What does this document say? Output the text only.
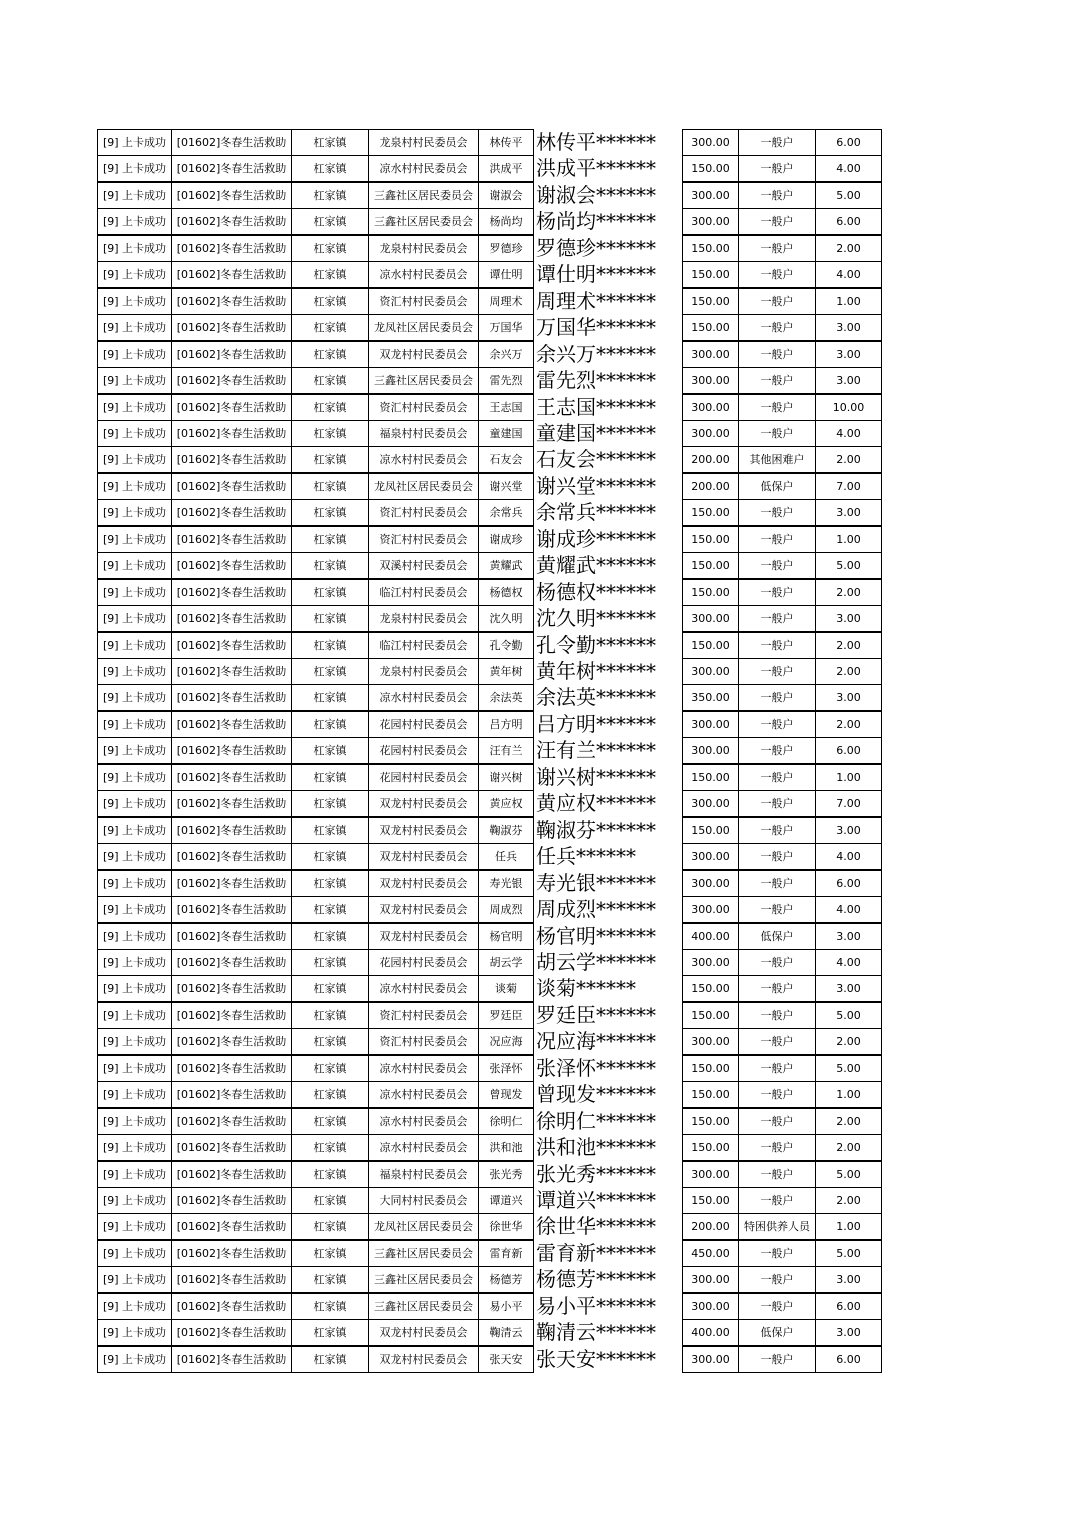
[9] 上卡成功 [01602]冬春生活救助	杠家镇	龙泉村村民委员会	林传平 林传平******	300.00	一般户	6.00
[9] 上卡成功 [01602]冬春生活救助	杠家镇	凉水村村民委员会	洪成平 洪成平******	150.00	一般户	4.00
[9] 上卡成功 [01602]冬春生活救助	杠家镇	三鑫社区居民委员会	谢淑会 谢淑会******	300.00	一般户	5.00
[9] 上卡成功 [01602]冬春生活救助	杠家镇	三鑫社区居民委员会	杨尚均 杨尚均******	300.00	一般户	6.00
[9] 上卡成功 [01602]冬春生活救助	杠家镇	龙泉村村民委员会	罗德珍 罗德珍******	150.00	一般户	2.00
[9] 上卡成功 [01602]冬春生活救助	杠家镇	凉水村村民委员会	谭仕明 谭仕明******	150.00	一般户	4.00
[9] 上卡成功 [01602]冬春生活救助	杠家镇	资汇村村民委员会	周理术 周理术******	150.00	一般户	1.00
[9] 上卡成功 [01602]冬春生活救助	杠家镇	龙凤社区居民委员会	万国华 万国华******	150.00	一般户	3.00
[9] 上卡成功 [01602]冬春生活救助	杠家镇	双龙村村民委员会	余兴万 余兴万******	300.00	一般户	3.00
[9] 上卡成功 [01602]冬春生活救助	杠家镇	三鑫社区居民委员会	雷先烈 雷先烈******	300.00	一般户	3.00
[9] 上卡成功 [01602]冬春生活救助	杠家镇	资汇村村民委员会	王志国 王志国******	300.00	一般户	10.00
[9] 上卡成功 [01602]冬春生活救助	杠家镇	福泉村村民委员会	童建国 童建国******	300.00	一般户	4.00
[9] 上卡成功 [01602]冬春生活救助	杠家镇	凉水村村民委员会	石友会 石友会******	200.00	其他困难户	2.00
[9] 上卡成功 [01602]冬春生活救助	杠家镇	龙凤社区居民委员会	谢兴堂 谢兴堂******	200.00	低保户	7.00
[9] 上卡成功 [01602]冬春生活救助	杠家镇	资汇村村民委员会	余常兵 余常兵******	150.00	一般户	3.00
[9] 上卡成功 [01602]冬春生活救助	杠家镇	资汇村村民委员会	谢成珍 谢成珍******	150.00	一般户	1.00
[9] 上卡成功 [01602]冬春生活救助	杠家镇	双溪村村民委员会	黄耀武 黄耀武******	150.00	一般户	5.00
[9] 上卡成功 [01602]冬春生活救助	杠家镇	临江村村民委员会	杨德权 杨德权******	150.00	一般户	2.00
[9] 上卡成功 [01602]冬春生活救助	杠家镇	龙泉村村民委员会	沈久明 沈久明******	300.00	一般户	3.00
[9] 上卡成功 [01602]冬春生活救助	杠家镇	临江村村民委员会	孔令勤 孔令勤******	150.00	一般户	2.00
[9] 上卡成功 [01602]冬春生活救助	杠家镇	龙泉村村民委员会	黄年树 黄年树******	300.00	一般户	2.00
[9] 上卡成功 [01602]冬春生活救助	杠家镇	凉水村村民委员会	余法英 余法英******	350.00	一般户	3.00
[9] 上卡成功 [01602]冬春生活救助	杠家镇	花园村村民委员会	吕方明 吕方明******	300.00	一般户	2.00
[9] 上卡成功 [01602]冬春生活救助	杠家镇	花园村村民委员会	汪有兰 汪有兰******	300.00	一般户	6.00
[9] 上卡成功 [01602]冬春生活救助	杠家镇	花园村村民委员会	谢兴树 谢兴树******	150.00	一般户	1.00
[9] 上卡成功 [01602]冬春生活救助	杠家镇	双龙村村民委员会	黄应权 黄应权******	300.00	一般户	7.00
[9] 上卡成功 [01602]冬春生活救助	杠家镇	双龙村村民委员会	鞠淑芬 鞠淑芬******	150.00	一般户	3.00
[9] 上卡成功 [01602]冬春生活救助	杠家镇	双龙村村民委员会	任兵 任兵******	300.00	一般户	4.00
[9] 上卡成功 [01602]冬春生活救助	杠家镇	双龙村村民委员会	寿光银 寿光银******	300.00	一般户	6.00
[9] 上卡成功 [01602]冬春生活救助	杠家镇	双龙村村民委员会	周成烈 周成烈******	300.00	一般户	4.00
[9] 上卡成功 [01602]冬春生活救助	杠家镇	双龙村村民委员会	杨官明 杨官明******	400.00	低保户	3.00
[9] 上卡成功 [01602]冬春生活救助	杠家镇	花园村村民委员会	胡云学 胡云学******	300.00	一般户	4.00
[9] 上卡成功 [01602]冬春生活救助	杠家镇	凉水村村民委员会	谈菊 谈菊******	150.00	一般户	3.00
[9] 上卡成功 [01602]冬春生活救助	杠家镇	资汇村村民委员会	罗廷臣 罗廷臣******	150.00	一般户	5.00
[9] 上卡成功 [01602]冬春生活救助	杠家镇	资汇村村民委员会	况应海 况应海******	300.00	一般户	2.00
[9] 上卡成功 [01602]冬春生活救助	杠家镇	凉水村村民委员会	张泽怀 张泽怀******	150.00	一般户	5.00
[9] 上卡成功 [01602]冬春生活救助	杠家镇	凉水村村民委员会	曾现发 曾现发******	150.00	一般户	1.00
[9] 上卡成功 [01602]冬春生活救助	杠家镇	凉水村村民委员会	徐明仁 徐明仁******	150.00	一般户	2.00
[9] 上卡成功 [01602]冬春生活救助	杠家镇	凉水村村民委员会	洪和池 洪和池******	150.00	一般户	2.00
[9] 上卡成功 [01602]冬春生活救助	杠家镇	福泉村村民委员会	张光秀 张光秀******	300.00	一般户	5.00
[9] 上卡成功 [01602]冬春生活救助	杠家镇	大同村村民委员会	谭道兴 谭道兴******	150.00	一般户	2.00
[9] 上卡成功 [01602]冬春生活救助	杠家镇	龙凤社区居民委员会	徐世华 徐世华******	200.00	特困供养人员	1.00
[9] 上卡成功 [01602]冬春生活救助	杠家镇	三鑫社区居民委员会	雷育新 雷育新******	450.00	一般户	5.00
[9] 上卡成功 [01602]冬春生活救助	杠家镇	三鑫社区居民委员会	杨德芳 杨德芳******	300.00	一般户	3.00
[9] 上卡成功 [01602]冬春生活救助	杠家镇	三鑫社区居民委员会	易小平 易小平******	300.00	一般户	6.00
[9] 上卡成功 [01602]冬春生活救助	杠家镇	双龙村村民委员会	鞠清云 鞠清云******	400.00	低保户	3.00
[9] 上卡成功 [01602]冬春生活救助	杠家镇	双龙村村民委员会	张天安 张天安******	300.00	一般户	6.00
